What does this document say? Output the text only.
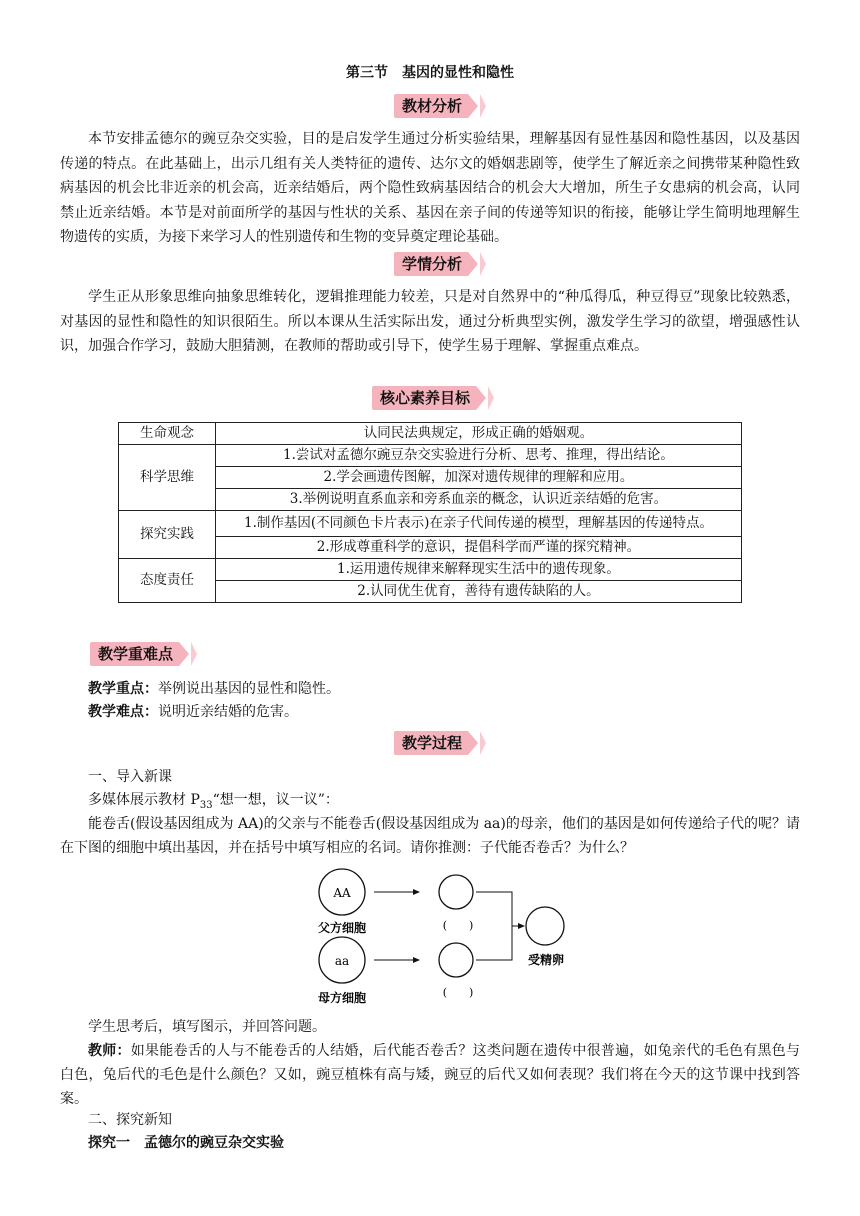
第三节　基因的显性和隐性
教材分析
本节安排孟德尔的豌豆杂交实验，目的是启发学生通过分析实验结果，理解基因有显性基因和隐性基因，以及基因传递的特点。在此基础上，出示几组有关人类特征的遗传、达尔文的婚姻悲剧等，使学生了解近亲之间携带某种隐性致病基因的机会比非近亲的机会高，近亲结婚后，两个隐性致病基因结合的机会大大增加，所生子女患病的机会高，认同禁止近亲结婚。本节是对前面所学的基因与性状的关系、基因在亲子间的传递等知识的衔接，能够让学生简明地理解生物遗传的实质，为接下来学习人的性别遗传和生物的变异奠定理论基础。
学情分析
学生正从形象思维向抽象思维转化，逻辑推理能力较差，只是对自然界中的“种瓜得瓜，种豆得豆”现象比较熟悉，对基因的显性和隐性的知识很陌生。所以本课从生活实际出发，通过分析典型实例，激发学生学习的欲望，增强感性认识，加强合作学习，鼓励大胆猜测，在教师的帮助或引导下，使学生易于理解、掌握重点难点。
核心素养目标
生命观念	认同民法典规定，形成正确的婚姻观。
科学思维	1.尝试对孟德尔豌豆杂交实验进行分析、思考、推理，得出结论。
	2.学会画遗传图解，加深对遗传规律的理解和应用。
	3.举例说明直系血亲和旁系血亲的概念，认识近亲结婚的危害。
探究实践	1.制作基因(不同颜色卡片表示)在亲子代间传递的模型，理解基因的传递特点。
	2.形成尊重科学的意识，提倡科学而严谨的探究精神。
态度责任	1.运用遗传规律来解释现实生活中的遗传现象。
	2.认同优生优育，善待有遗传缺陷的人。
教学重难点
教学重点：举例说出基因的显性和隐性。
教学难点：说明近亲结婚的危害。
教学过程
一、导入新课
多媒体展示教材 $P_{33}“$想一想，议一议”：
能卷舌(假设基因组成为 AA)的父亲与不能卷舌(假设基因组成为 aa)的母亲，他们的基因是如何传递给子代的呢？请在下图的细胞中填出基因，并在括号中填写相应的名词。请你推测：子代能否卷舌？为什么？
AA
父方细胞	(　　)
aa
母方细胞	(　　)
受精卵
学生思考后，填写图示，并回答问题。
教师：如果能卷舌的人与不能卷舌的人结婚，后代能否卷舌？这类问题在遗传中很普遍，如兔亲代的毛色有黑色与白色，兔后代的毛色是什么颜色？又如，豌豆植株有高与矮，豌豆的后代又如何表现？我们将在今天的这节课中找到答案。
二、探究新知
探究一　孟德尔的豌豆杂交实验
